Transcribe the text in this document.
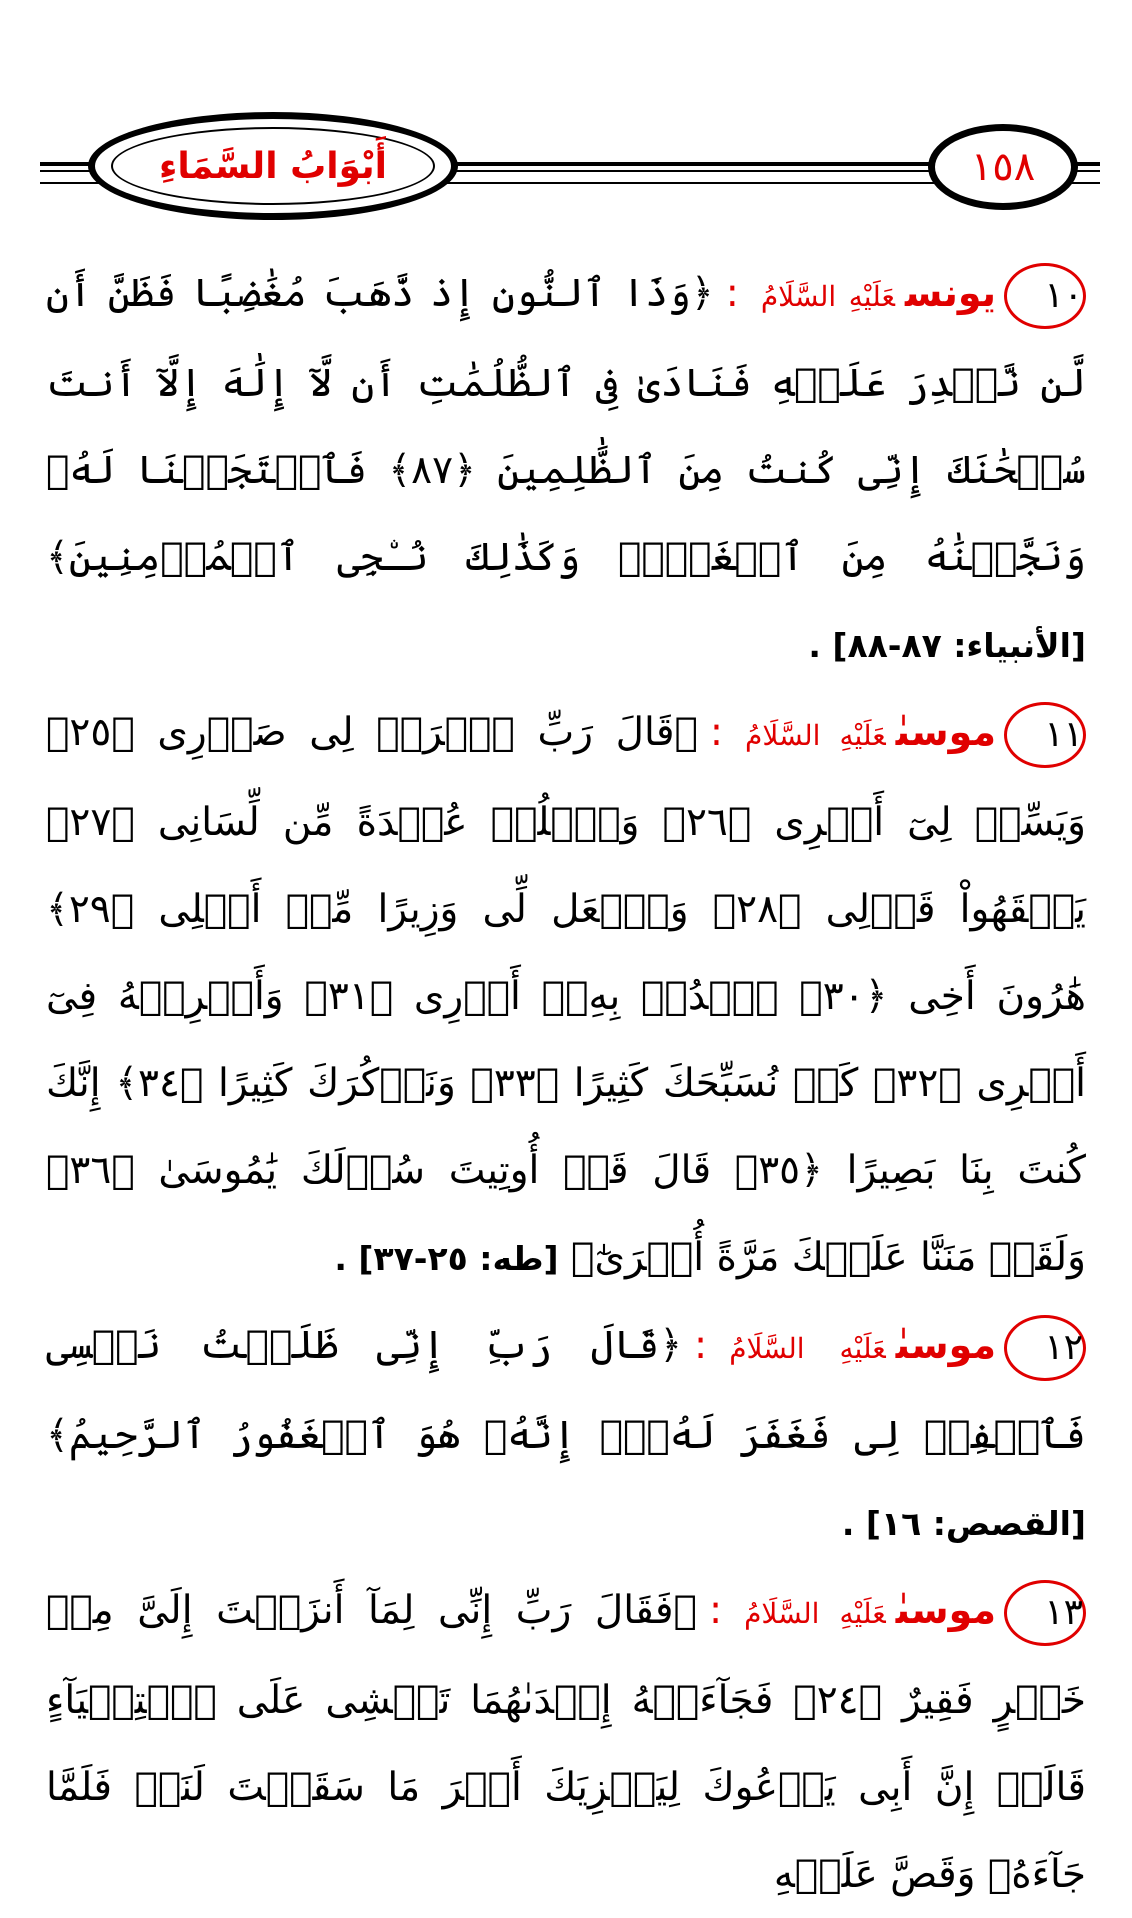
أَبْوَابُ السَّمَاءِ	١٥٨
١٠يونسعَلَيْهِ السَّلَامُ:﴿وَذَا ٱلنُّونِ إِذ ذَّهَبَ مُغَٰضِبًا فَظَنَّ أَن لَّن نَّقۡدِرَ عَلَيۡهِ فَنَادَىٰ فِى ٱلظُّلُمَٰتِ أَن لَّآ إِلَٰهَ إِلَّآ أَنتَ سُبۡحَٰنَكَ إِنِّى كُنتُ مِنَ ٱلظَّٰلِمِينَ ﴿٨٧﴾ فَٱسۡتَجَبۡنَا لَهُۥ وَنَجَّيۡنَٰهُ مِنَ ٱلۡغَمِّۚ وَكَذَٰلِكَ نُـۨجِى ٱلۡمُؤۡمِنِينَ﴾ [الأنبياء: ٨٧-٨٨] .
١١موسىٰعَلَيْهِ السَّلَامُ:﴿قَالَ رَبِّ ٱشۡرَحۡ لِى صَدۡرِى ﴿٢٥﴾ وَيَسِّرۡ لِىٓ أَمۡرِى ﴿٢٦﴾ وَٱحۡلُلۡ عُقۡدَةً مِّن لِّسَانِى ﴿٢٧﴾ يَفۡقَهُواْ قَوۡلِى ﴿٢٨﴾ وَٱجۡعَل لِّى وَزِيرًا مِّنۡ أَهۡلِى ﴿٢٩﴾ هَٰرُونَ أَخِى ﴿٣٠﴾ ٱشۡدُدۡ بِهِۦٓ أَزۡرِى ﴿٣١﴾ وَأَشۡرِكۡهُ فِىٓ أَمۡرِى ﴿٣٢﴾ كَىۡ نُسَبِّحَكَ كَثِيرًا ﴿٣٣﴾ وَنَذۡكُرَكَ كَثِيرًا ﴿٣٤﴾ إِنَّكَ كُنتَ بِنَا بَصِيرًا ﴿٣٥﴾ قَالَ قَدۡ أُوتِيتَ سُؤۡلَكَ يَٰمُوسَىٰ ﴿٣٦﴾ وَلَقَدۡ مَنَنَّا عَلَيۡكَ مَرَّةً أُخۡرَىٰٓ﴾ [طه: ٢٥-٣٧] .
١٢موسىٰعَلَيْهِ السَّلَامُ:﴿قَالَ رَبِّ إِنِّى ظَلَمۡتُ نَفۡسِى فَٱغۡفِرۡ لِى فَغَفَرَ لَهُۥٓۚ إِنَّهُۥ هُوَ ٱلۡغَفُورُ ٱلرَّحِيمُ﴾ [القصص: ١٦] .
١٣موسىٰعَلَيْهِ السَّلَامُ:﴿فَقَالَ رَبِّ إِنِّى لِمَآ أَنزَلۡتَ إِلَىَّ مِنۡ خَيۡرٍ فَقِيرٌ ﴿٢٤﴾ فَجَآءَتۡهُ إِحۡدَىٰهُمَا تَمۡشِى عَلَى ٱسۡتِحۡيَآءٍ قَالَتۡ إِنَّ أَبِى يَدۡعُوكَ لِيَجۡزِيَكَ أَجۡرَ مَا سَقَيۡتَ لَنَاۚ فَلَمَّا جَآءَهُۥ وَقَصَّ عَلَيۡهِ
